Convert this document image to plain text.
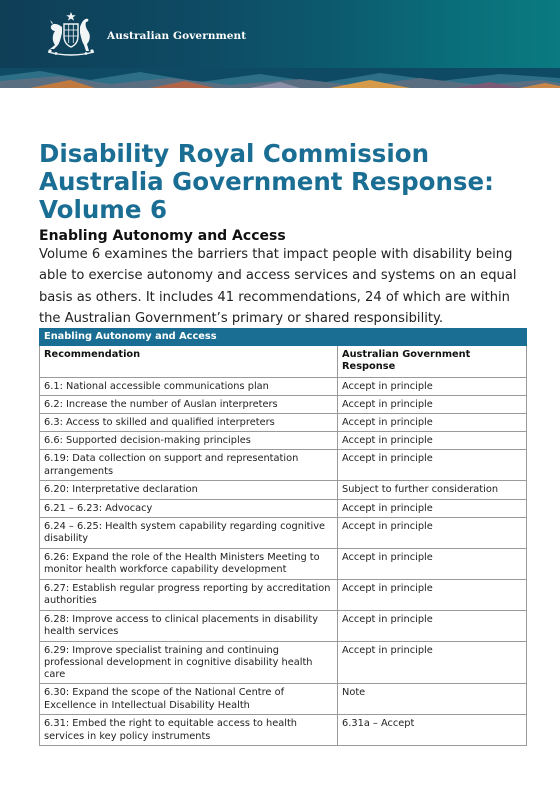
Australian Government
Disability Royal Commission
Australia Government Response:
Volume 6
Enabling Autonomy and Access

Volume 6 examines the barriers that impact people with disability being able to exercise autonomy and access services and systems on an equal basis as others. It includes 41 recommendations, 24 of which are within the Australian Government’s primary or shared responsibility.

Enabling Autonomy and Access	
Recommendation	Australian Government Response
6.1: National accessible communications plan	Accept in principle
6.2: Increase the number of Auslan interpreters	Accept in principle
6.3: Access to skilled and qualified interpreters	Accept in principle
6.6: Supported decision-making principles	Accept in principle
6.19: Data collection on support and representation arrangements	Accept in principle
6.20: Interpretative declaration	Subject to further consideration
6.21 – 6.23: Advocacy	Accept in principle
6.24 – 6.25: Health system capability regarding cognitive disability	Accept in principle
6.26: Expand the role of the Health Ministers Meeting to monitor health workforce capability development	Accept in principle
6.27: Establish regular progress reporting by accreditation authorities	Accept in principle
6.28: Improve access to clinical placements in disability health services	Accept in principle
6.29: Improve specialist training and continuing professional development in cognitive disability health care	Accept in principle
6.30: Expand the scope of the National Centre of Excellence in Intellectual Disability Health	Note
6.31: Embed the right to equitable access to health services in key policy instruments	6.31a – Accept
